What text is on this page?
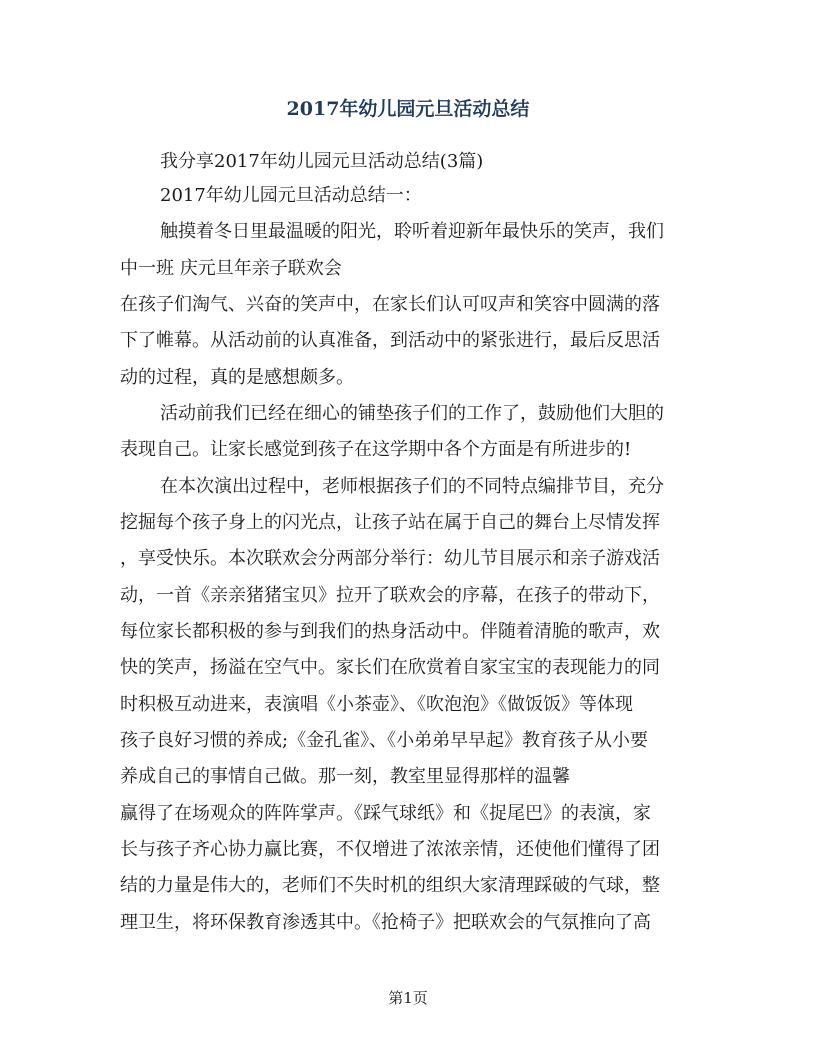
2017年幼儿园元旦活动总结
我分享2017年幼儿园元旦活动总结(3篇)
2017年幼儿园元旦活动总结一：
触摸着冬日里最温暖的阳光，聆听着迎新年最快乐的笑声，我们
中一班 庆元旦年亲子联欢会
在孩子们淘气、兴奋的笑声中，在家长们认可叹声和笑容中圆满的落
下了帷幕。从活动前的认真准备，到活动中的紧张进行，最后反思活
动的过程，真的是感想颇多。
活动前我们已经在细心的铺垫孩子们的工作了，鼓励他们大胆的
表现自己。让家长感觉到孩子在这学期中各个方面是有所进步的!
在本次演出过程中，老师根据孩子们的不同特点编排节目，充分
挖掘每个孩子身上的闪光点，让孩子站在属于自己的舞台上尽情发挥
，享受快乐。本次联欢会分两部分举行：幼儿节目展示和亲子游戏活
动，一首《亲亲猪猪宝贝》拉开了联欢会的序幕，在孩子的带动下，
每位家长都积极的参与到我们的热身活动中。伴随着清脆的歌声，欢
快的笑声，扬溢在空气中。家长们在欣赏着自家宝宝的表现能力的同
时积极互动进来，表演唱《小茶壶》、《吹泡泡》《做饭饭》等体现
孩子良好习惯的养成;《金孔雀》、《小弟弟早早起》教育孩子从小要
养成自己的事情自己做。那一刻，教室里显得那样的温馨
赢得了在场观众的阵阵掌声。《踩气球纸》和《捉尾巴》的表演，家
长与孩子齐心协力赢比赛，不仅增进了浓浓亲情，还使他们懂得了团
结的力量是伟大的，老师们不失时机的组织大家清理踩破的气球，整
理卫生，将环保教育渗透其中。《抢椅子》把联欢会的气氛推向了高
第1页
